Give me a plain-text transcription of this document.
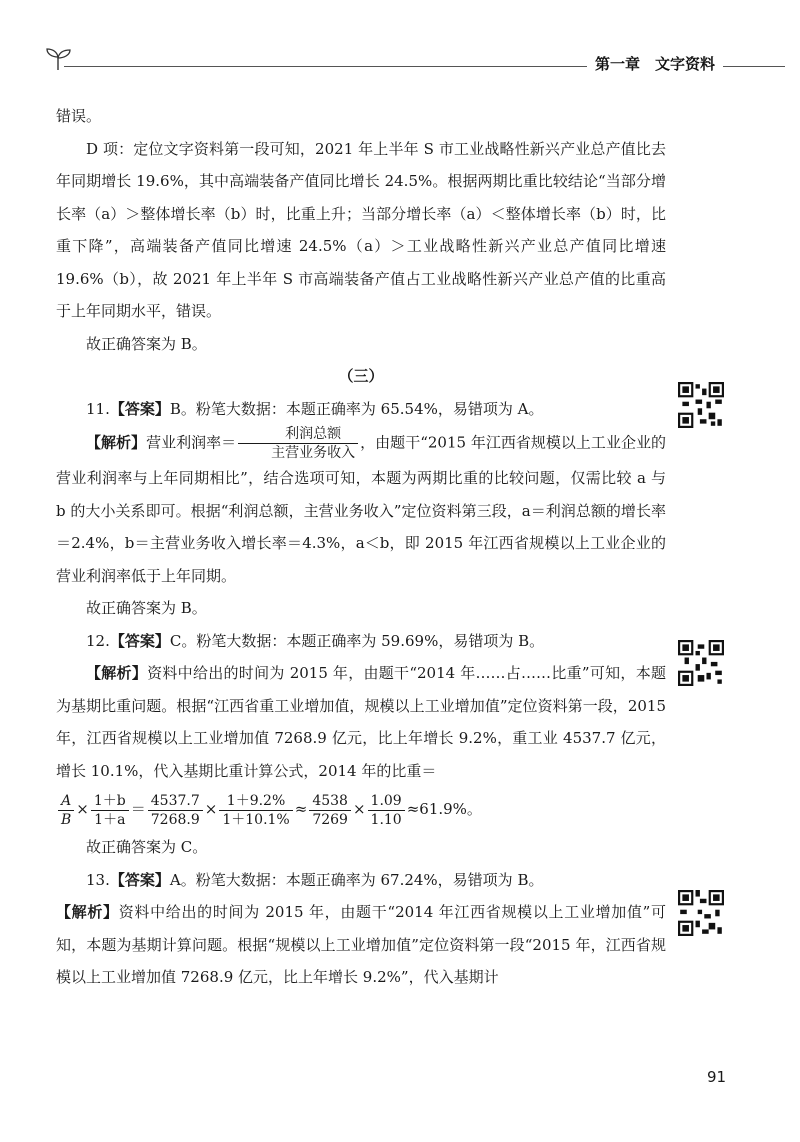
第一章　文字资料

错误。

D 项：定位文字资料第一段可知，2021 年上半年 S 市工业战略性新兴产业总产值比去年同期增长 19.6%，其中高端装备产值同比增长 24.5%。根据两期比重比较结论“当部分增长率（a）＞整体增长率（b）时，比重上升；当部分增长率（a）＜整体增长率（b）时，比重下降”，高端装备产值同比增速 24.5%（a）＞工业战略性新兴产业总产值同比增速 19.6%（b），故 2021 年上半年 S 市高端装备产值占工业战略性新兴产业总产值的比重高于上年同期水平，错误。

故正确答案为 B。

（三）

11.【答案】B。粉笔大数据：本题正确率为 65.54%，易错项为 A。

【解析】营业利润率＝ $\frac{\text{利润总额}}{\text{主营业务收入}}$ ，由题干“2015 年江西省规模以上工业企业的营业利润率与上年同期相比”，结合选项可知，本题为两期比重的比较问题，仅需比较 a 与 b 的大小关系即可。根据“利润总额，主营业务收入”定位资料第三段，a＝利润总额的增长率＝2.4%，b＝主营业务收入增长率＝4.3%，a＜b，即 2015 年江西省规模以上工业企业的营业利润率低于上年同期。

故正确答案为 B。

12.【答案】C。粉笔大数据：本题正确率为 59.69%，易错项为 B。

【解析】资料中给出的时间为 2015 年，由题干“2014 年……占……比重”可知，本题为基期比重问题。根据“江西省重工业增加值，规模以上工业增加值”定位资料第一段，2015 年，江西省规模以上工业增加值 7268.9 亿元，比上年增长 9.2%，重工业 4537.7 亿元，增长 10.1%，代入基期比重计算公式，2014 年的比重＝

$\frac{A}{B} \times \frac{1+b}{1+a} = \frac{4537.7}{7268.9} \times \frac{1+9.2\%}{1+10.1\%} \approx \frac{4538}{7269} \times \frac{1.09}{1.10} \approx 61.9\%$。

故正确答案为 C。

13.【答案】A。粉笔大数据：本题正确率为 67.24%，易错项为 B。

【解析】资料中给出的时间为 2015 年，由题干“2014 年江西省规模以上工业增加值”可知，本题为基期计算问题。根据“规模以上工业增加值”定位资料第一段“2015 年，江西省规模以上工业增加值 7268.9 亿元，比上年增长 9.2%”，代入基期计

91
